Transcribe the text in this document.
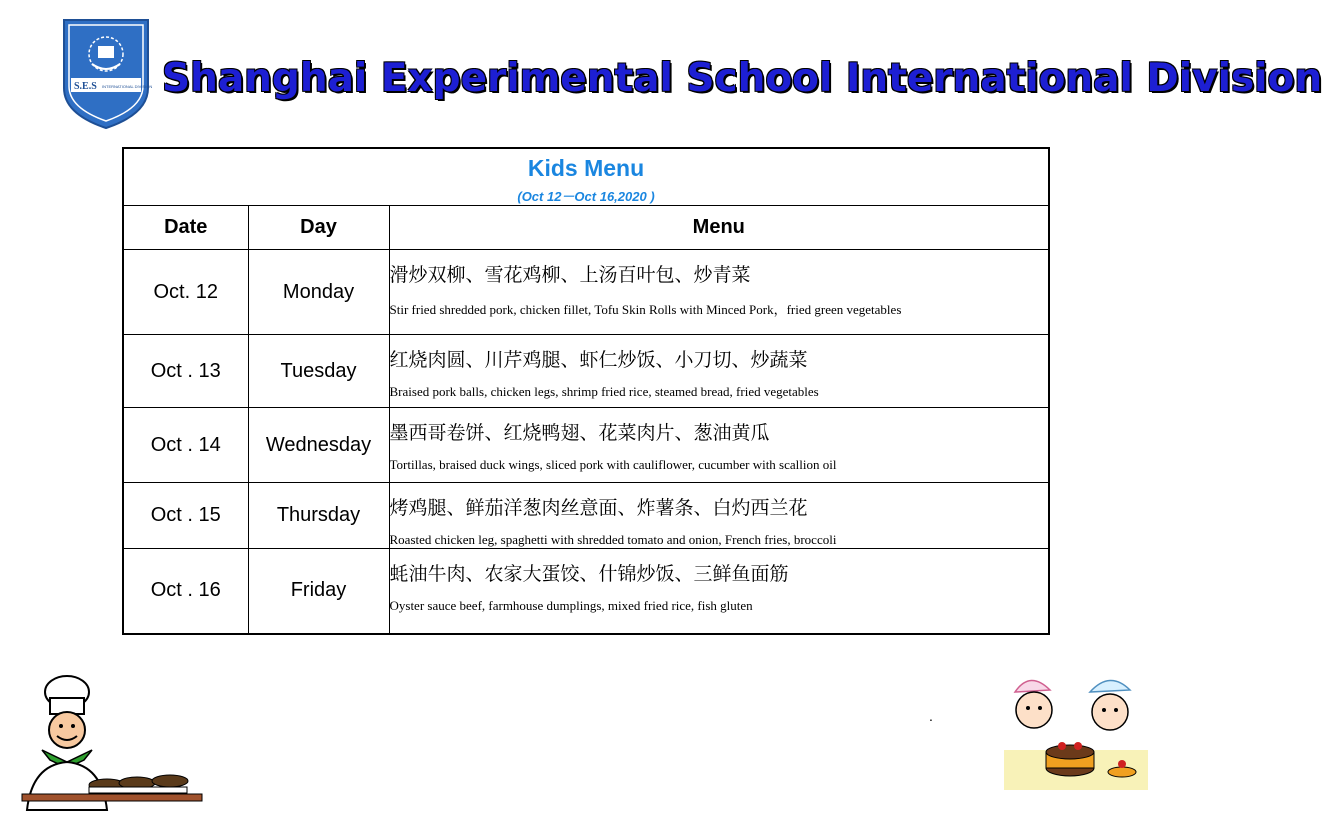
S.E.S INTERNATIONAL DIVISION Shanghai Experimental School International Division
Kids Menu
(Oct 12－Oct 16,2020 )		

Date	Day	Menu
Oct. 12	Monday	滑炒双柳、雪花鸡柳、上汤百叶包、炒青菜
Stir fried shredded pork, chicken fillet, Tofu Skin Rolls with Minced Pork，fried green vegetables

Oct . 13	Tuesday	红烧肉圆、川芹鸡腿、虾仁炒饭、小刀切、炒蔬菜
Braised pork balls, chicken legs, shrimp fried rice, steamed bread, fried vegetables

Oct . 14	Wednesday	墨西哥卷饼、红烧鸭翅、花菜肉片、葱油黄瓜
Tortillas, braised duck wings, sliced pork with cauliflower, cucumber with scallion oil

Oct . 15	Thursday	烤鸡腿、鲜茄洋葱肉丝意面、炸薯条、白灼西兰花
Roasted chicken leg, spaghetti with shredded tomato and onion, French fries, broccoli

Oct . 16	Friday	蚝油牛肉、农家大蛋饺、什锦炒饭、三鲜鱼面筋
Oyster sauce beef, farmhouse dumplings, mixed fried rice, fish gluten
.
